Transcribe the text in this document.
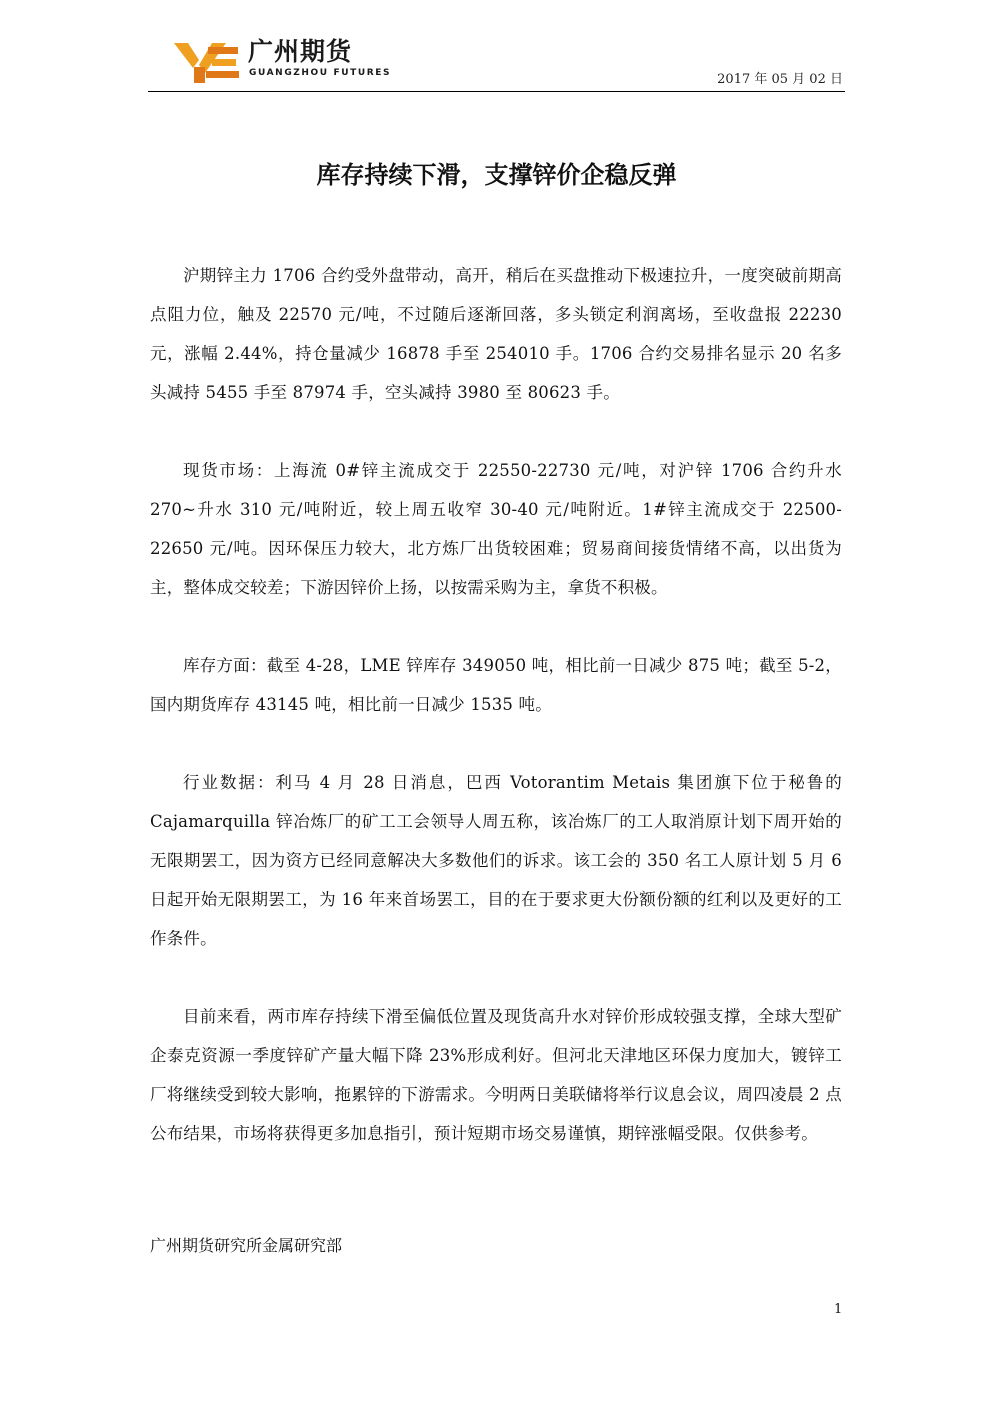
广州期货
GUANGZHOU FUTURES	2017 年 05 月 02 日
库存持续下滑，支撑锌价企稳反弹

沪期锌主力 1706 合约受外盘带动，高开，稍后在买盘推动下极速拉升，一度突破前期高点阻力位，触及 22570 元/吨，不过随后逐渐回落，多头锁定利润离场，至收盘报 22230 元，涨幅 2.44%，持仓量减少 16878 手至 254010 手。1706 合约交易排名显示 20 名多头减持 5455 手至 87974 手，空头减持 3980 至 80623 手。

现货市场：上海流 0#锌主流成交于 22550-22730 元/吨，对沪锌 1706 合约升水 270~升水 310 元/吨附近，较上周五收窄 30-40 元/吨附近。1#锌主流成交于 22500-22650 元/吨。因环保压力较大，北方炼厂出货较困难；贸易商间接货情绪不高，以出货为主，整体成交较差；下游因锌价上扬，以按需采购为主，拿货不积极。

库存方面：截至 4-28，LME 锌库存 349050 吨，相比前一日减少 875 吨；截至 5-2，国内期货库存 43145 吨，相比前一日减少 1535 吨。

行业数据：利马 4 月 28 日消息，巴西 Votorantim Metais 集团旗下位于秘鲁的 Cajamarquilla 锌冶炼厂的矿工工会领导人周五称，该冶炼厂的工人取消原计划下周开始的无限期罢工，因为资方已经同意解决大多数他们的诉求。该工会的 350 名工人原计划 5 月 6 日起开始无限期罢工，为 16 年来首场罢工，目的在于要求更大份额份额的红利以及更好的工作条件。

目前来看，两市库存持续下滑至偏低位置及现货高升水对锌价形成较强支撑，全球大型矿企泰克资源一季度锌矿产量大幅下降 23%形成利好。但河北天津地区环保力度加大，镀锌工厂将继续受到较大影响，拖累锌的下游需求。今明两日美联储将举行议息会议，周四凌晨 2 点公布结果，市场将获得更多加息指引，预计短期市场交易谨慎，期锌涨幅受限。仅供参考。

广州期货研究所金属研究部
1
